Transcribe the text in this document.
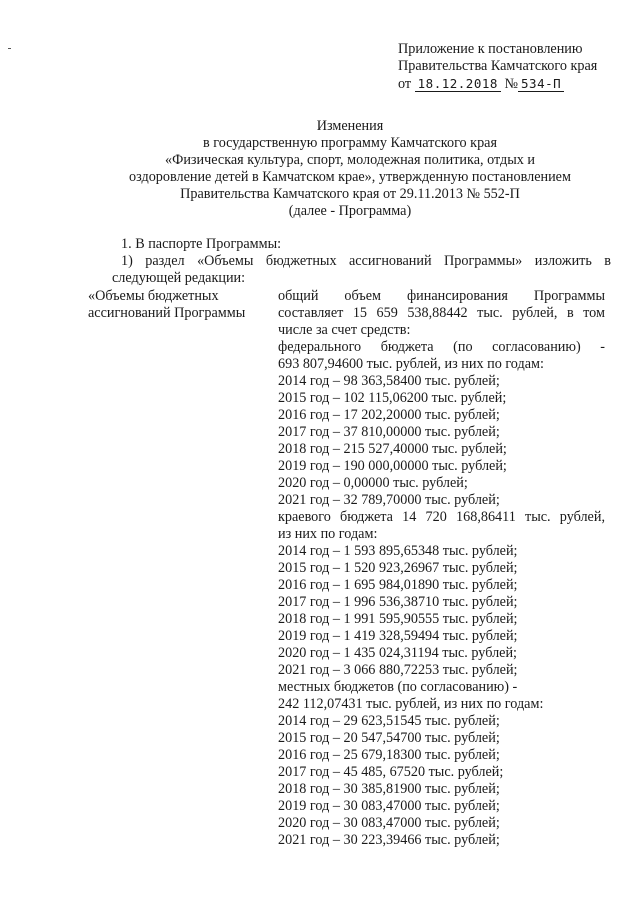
Приложение к постановлению
Правительства Камчатского края
от 18.12.2018 № 534-П
Изменения
в государственную программу Камчатского края
«Физическая культура, спорт, молодежная политика, отдых и
оздоровление детей в Камчатском крае», утвержденную постановлением
Правительства Камчатского края от 29.11.2013 № 552-П
(далее - Программа)
1. В паспорте Программы:
1) раздел «Объемы бюджетных ассигнований Программы» изложить в
следующей редакции:
«Объемы бюджетных
ассигнований Программы
общий объем финансирования Программы
составляет 15 659 538,88442 тыс. рублей, в том
числе за счет средств:
федерального бюджета (по согласованию) -
693 807,94600 тыс. рублей, из них по годам:
2014 год – 98 363,58400 тыс. рублей;
2015 год – 102 115,06200 тыс. рублей;
2016 год – 17 202,20000 тыс. рублей;
2017 год – 37 810,00000 тыс. рублей;
2018 год – 215 527,40000 тыс. рублей;
2019 год – 190 000,00000 тыс. рублей;
2020 год – 0,00000 тыс. рублей;
2021 год – 32 789,70000 тыс. рублей;
краевого бюджета 14 720 168,86411 тыс. рублей,
из них по годам:
2014 год – 1 593 895,65348 тыс. рублей;
2015 год – 1 520 923,26967 тыс. рублей;
2016 год – 1 695 984,01890 тыс. рублей;
2017 год – 1 996 536,38710 тыс. рублей;
2018 год – 1 991 595,90555 тыс. рублей;
2019 год – 1 419 328,59494 тыс. рублей;
2020 год – 1 435 024,31194 тыс. рублей;
2021 год – 3 066 880,72253 тыс. рублей;
местных бюджетов (по согласованию) -
242 112,07431 тыс. рублей, из них по годам:
2014 год – 29 623,51545 тыс. рублей;
2015 год – 20 547,54700 тыс. рублей;
2016 год – 25 679,18300 тыс. рублей;
2017 год – 45 485, 67520 тыс. рублей;
2018 год – 30 385,81900 тыс. рублей;
2019 год – 30 083,47000 тыс. рублей;
2020 год – 30 083,47000 тыс. рублей;
2021 год – 30 223,39466 тыс. рублей;
